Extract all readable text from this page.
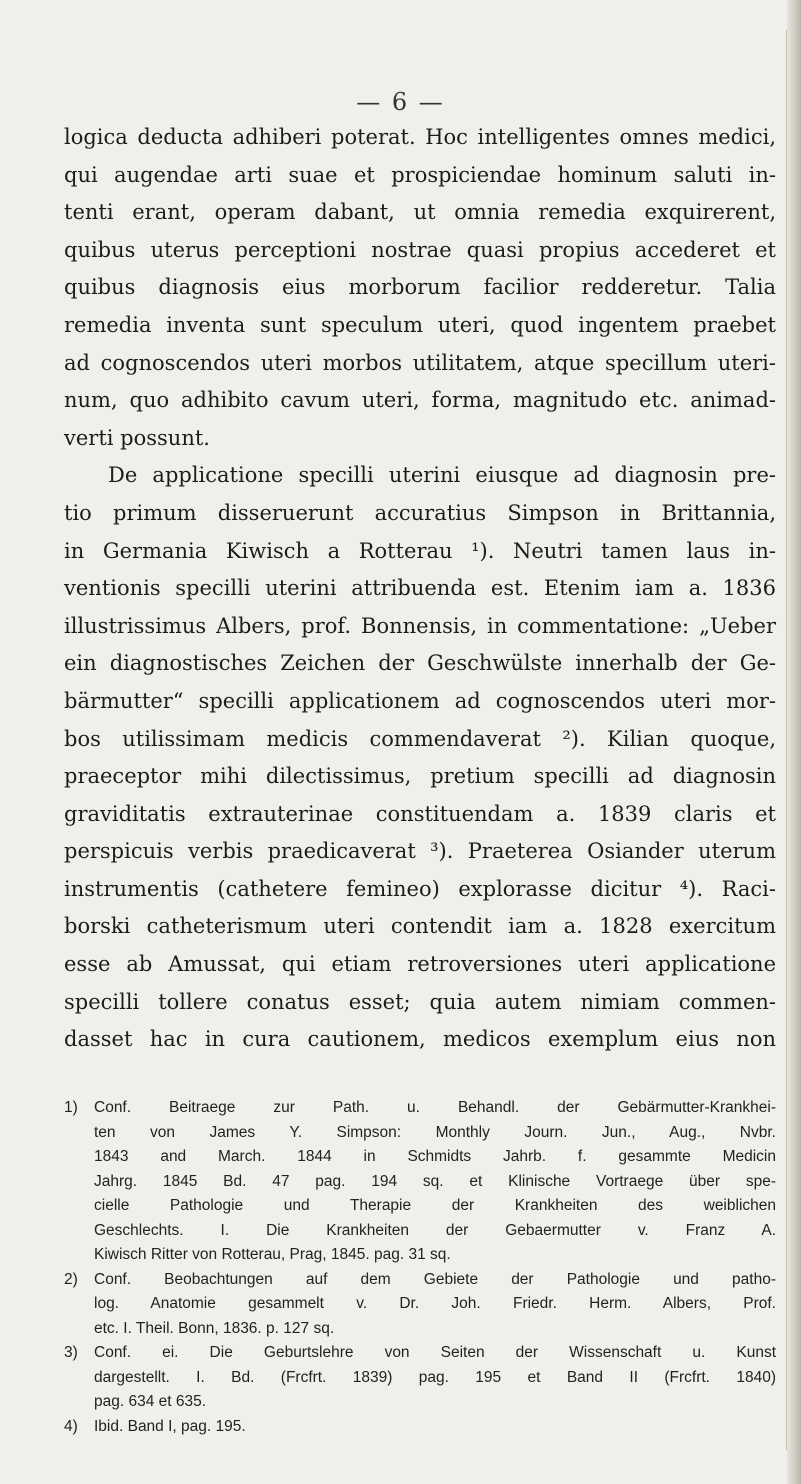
— 6 —
logica deducta adhiberi poterat. Hoc intelligentes omnes medici,
qui augendae arti suae et prospiciendae hominum saluti in-
tenti erant, operam dabant, ut omnia remedia exquirerent,
quibus uterus perceptioni nostrae quasi propius accederet et
quibus diagnosis eius morborum facilior redderetur. Talia
remedia inventa sunt speculum uteri, quod ingentem praebet
ad cognoscendos uteri morbos utilitatem, atque specillum uteri-
num, quo adhibito cavum uteri, forma, magnitudo etc. animad-
verti possunt.
De applicatione specilli uterini eiusque ad diagnosin pre-
tio primum disseruerunt accuratius Simpson in Brittannia,
in Germania Kiwisch a Rotterau ¹). Neutri tamen laus in-
ventionis specilli uterini attribuenda est. Etenim iam a. 1836
illustrissimus Albers, prof. Bonnensis, in commentatione: „Ueber
ein diagnostisches Zeichen der Geschwülste innerhalb der Ge-
bärmutter“ specilli applicationem ad cognoscendos uteri mor-
bos utilissimam medicis commendaverat ²). Kilian quoque,
praeceptor mihi dilectissimus, pretium specilli ad diagnosin
graviditatis extrauterinae constituendam a. 1839 claris et
perspicuis verbis praedicaverat ³). Praeterea Osiander uterum
instrumentis (cathetere femineo) explorasse dicitur ⁴). Raci-
borski catheterismum uteri contendit iam a. 1828 exercitum
esse ab Amussat, qui etiam retroversiones uteri applicatione
specilli tollere conatus esset; quia autem nimiam commen-
dasset hac in cura cautionem, medicos exemplum eius non
1)	Conf. Beitraege zur Path. u. Behandl. der Gebärmutter-Krankhei-
ten von James Y. Simpson: Monthly Journ. Jun., Aug., Nvbr.
1843 and March. 1844 in Schmidts Jahrb. f. gesammte Medicin
Jahrg. 1845 Bd. 47 pag. 194 sq. et Klinische Vortraege über spe-
cielle Pathologie und Therapie der Krankheiten des weiblichen
Geschlechts. I. Die Krankheiten der Gebaermutter v. Franz A.
Kiwisch Ritter von Rotterau, Prag, 1845. pag. 31 sq.
2)	Conf. Beobachtungen auf dem Gebiete der Pathologie und patho-
log. Anatomie gesammelt v. Dr. Joh. Friedr. Herm. Albers, Prof.
etc. I. Theil. Bonn, 1836. p. 127 sq.
3)	Conf. ei. Die Geburtslehre von Seiten der Wissenschaft u. Kunst
dargestellt. I. Bd. (Frcfrt. 1839) pag. 195 et Band II (Frcfrt. 1840)
pag. 634 et 635.
4)	Ibid. Band I, pag. 195.
